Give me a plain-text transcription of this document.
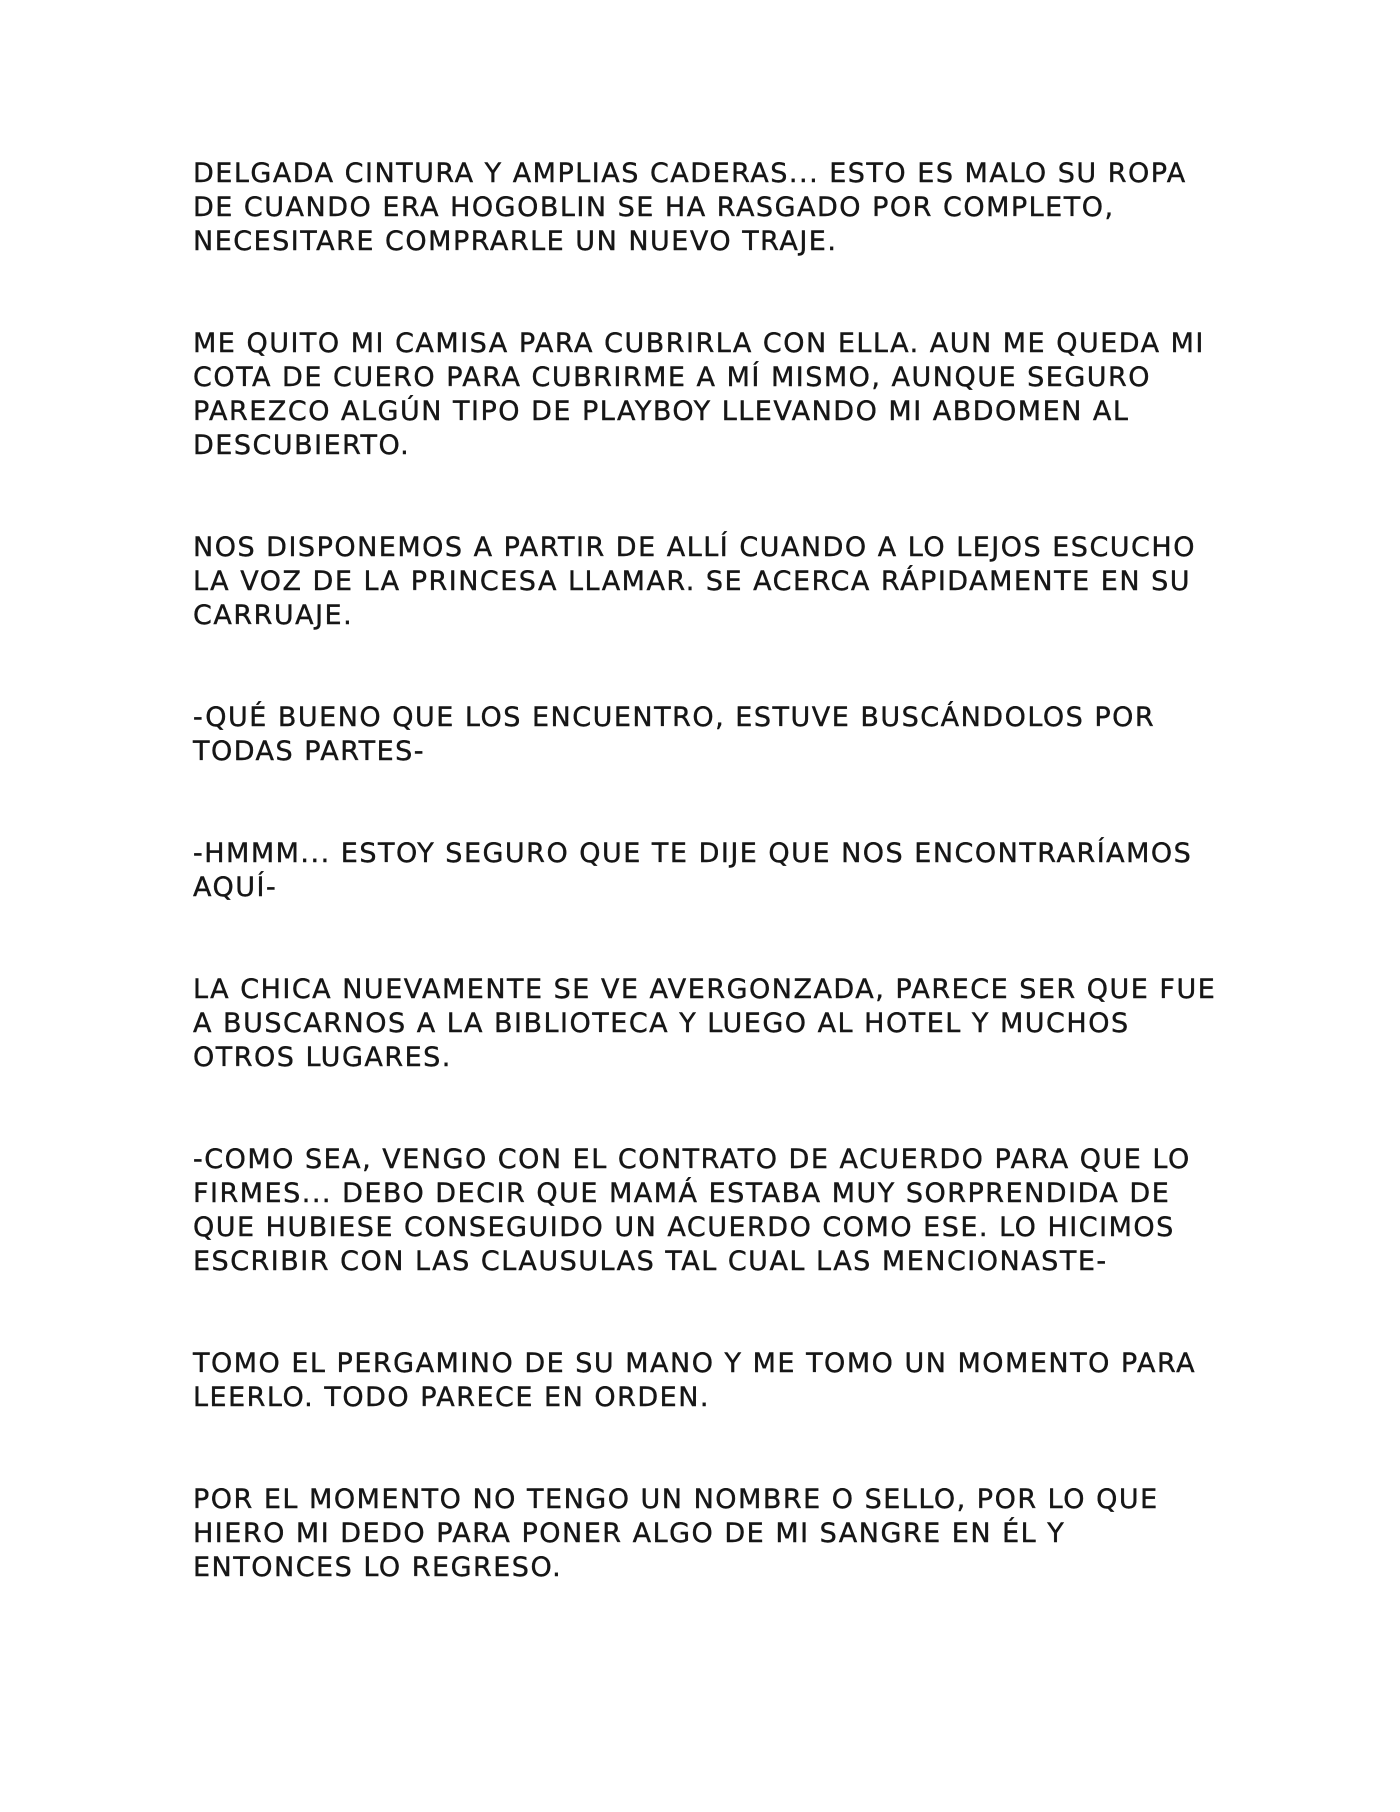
DELGADA CINTURA Y AMPLIAS CADERAS... ESTO ES MALO SU ROPA DE CUANDO ERA HOGOBLIN SE HA RASGADO POR COMPLETO, NECESITARE COMPRARLE UN NUEVO TRAJE.

ME QUITO MI CAMISA PARA CUBRIRLA CON ELLA. AUN ME QUEDA MI COTA DE CUERO PARA CUBRIRME A MÍ MISMO, AUNQUE SEGURO PAREZCO ALGÚN TIPO DE PLAYBOY LLEVANDO MI ABDOMEN AL DESCUBIERTO.

NOS DISPONEMOS A PARTIR DE ALLÍ CUANDO A LO LEJOS ESCUCHO LA VOZ DE LA PRINCESA LLAMAR. SE ACERCA RÁPIDAMENTE EN SU CARRUAJE.

-QUÉ BUENO QUE LOS ENCUENTRO, ESTUVE BUSCÁNDOLOS POR TODAS PARTES-

-HMMM... ESTOY SEGURO QUE TE DIJE QUE NOS ENCONTRARÍAMOS AQUÍ-

LA CHICA NUEVAMENTE SE VE AVERGONZADA, PARECE SER QUE FUE A BUSCARNOS A LA BIBLIOTECA Y LUEGO AL HOTEL Y MUCHOS OTROS LUGARES.

-COMO SEA, VENGO CON EL CONTRATO DE ACUERDO PARA QUE LO FIRMES... DEBO DECIR QUE MAMÁ ESTABA MUY SORPRENDIDA DE QUE HUBIESE CONSEGUIDO UN ACUERDO COMO ESE. LO HICIMOS ESCRIBIR CON LAS CLAUSULAS TAL CUAL LAS MENCIONASTE-

TOMO EL PERGAMINO DE SU MANO Y ME TOMO UN MOMENTO PARA LEERLO. TODO PARECE EN ORDEN.

POR EL MOMENTO NO TENGO UN NOMBRE O SELLO, POR LO QUE HIERO MI DEDO PARA PONER ALGO DE MI SANGRE EN ÉL Y ENTONCES LO REGRESO.
